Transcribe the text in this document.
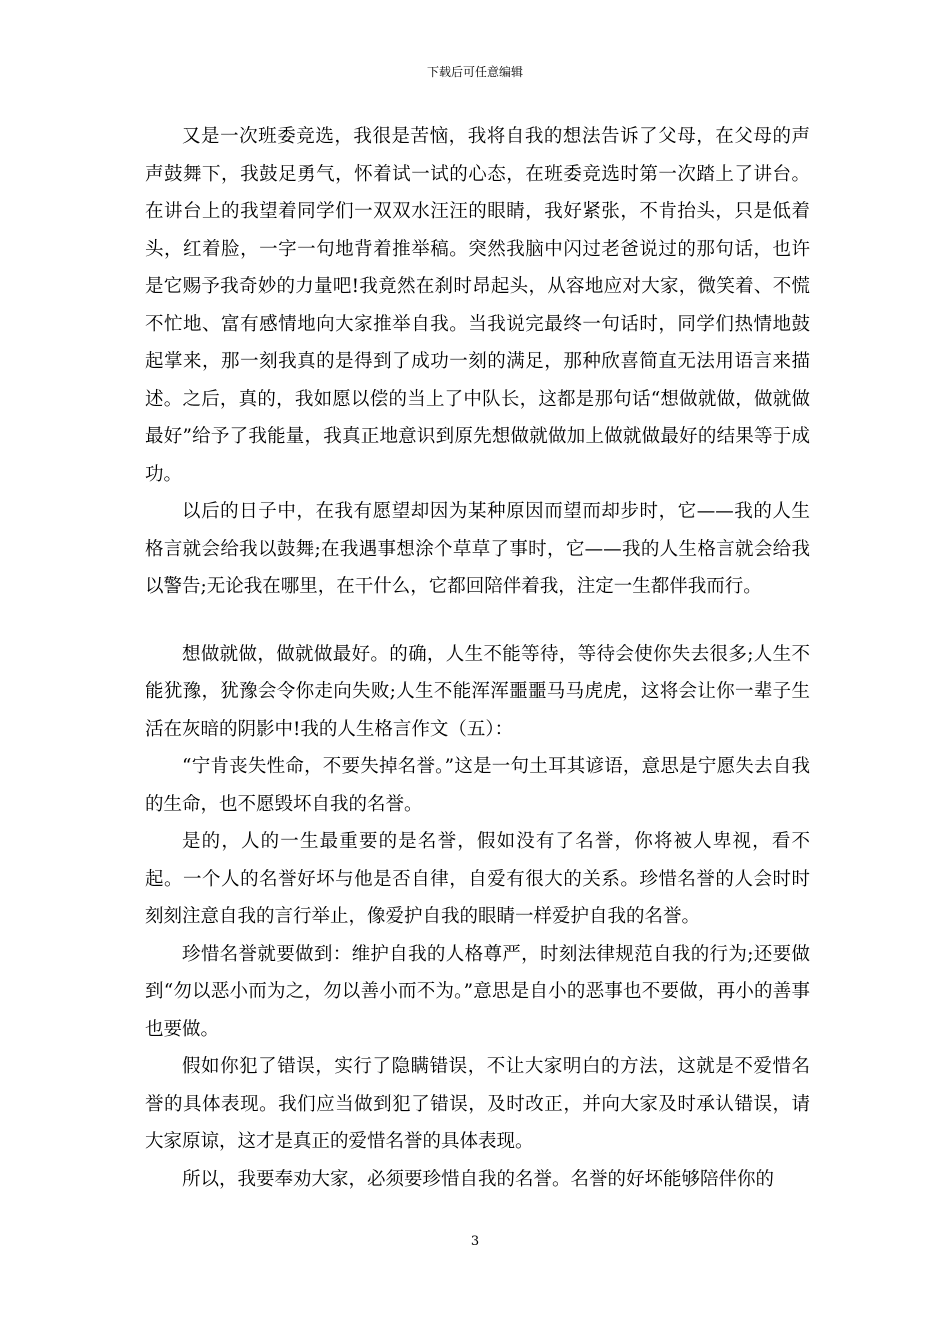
下载后可任意编辑

又是一次班委竞选，我很是苦恼，我将自我的想法告诉了父母，在父母的声声鼓舞下，我鼓足勇气，怀着试一试的心态，在班委竞选时第一次踏上了讲台。在讲台上的我望着同学们一双双水汪汪的眼睛，我好紧张，不肯抬头，只是低着头，红着脸，一字一句地背着推举稿。突然我脑中闪过老爸说过的那句话，也许是它赐予我奇妙的力量吧!我竟然在刹时昂起头，从容地应对大家，微笑着、不慌不忙地、富有感情地向大家推举自我。当我说完最终一句话时，同学们热情地鼓起掌来，那一刻我真的是得到了成功一刻的满足，那种欣喜简直无法用语言来描述。之后，真的，我如愿以偿的当上了中队长，这都是那句话“想做就做，做就做最好”给予了我能量，我真正地意识到原先想做就做加上做就做最好的结果等于成功。

以后的日子中，在我有愿望却因为某种原因而望而却步时，它——我的人生格言就会给我以鼓舞;在我遇事想涂个草草了事时，它——我的人生格言就会给我以警告;无论我在哪里，在干什么，它都回陪伴着我，注定一生都伴我而行。

想做就做，做就做最好。的确，人生不能等待，等待会使你失去很多;人生不能犹豫，犹豫会令你走向失败;人生不能浑浑噩噩马马虎虎，这将会让你一辈子生活在灰暗的阴影中!我的人生格言作文（五）：

“宁肯丧失性命，不要失掉名誉。”这是一句土耳其谚语，意思是宁愿失去自我的生命，也不愿毁坏自我的名誉。

是的，人的一生最重要的是名誉，假如没有了名誉，你将被人卑视，看不起。一个人的名誉好坏与他是否自律，自爱有很大的关系。珍惜名誉的人会时时刻刻注意自我的言行举止，像爱护自我的眼睛一样爱护自我的名誉。

珍惜名誉就要做到：维护自我的人格尊严，时刻法律规范自我的行为;还要做到“勿以恶小而为之，勿以善小而不为。”意思是自小的恶事也不要做，再小的善事也要做。

假如你犯了错误，实行了隐瞒错误，不让大家明白的方法，这就是不爱惜名誉的具体表现。我们应当做到犯了错误，及时改正，并向大家及时承认错误，请大家原谅，这才是真正的爱惜名誉的具体表现。

所以，我要奉劝大家，必须要珍惜自我的名誉。名誉的好坏能够陪伴你的

3
